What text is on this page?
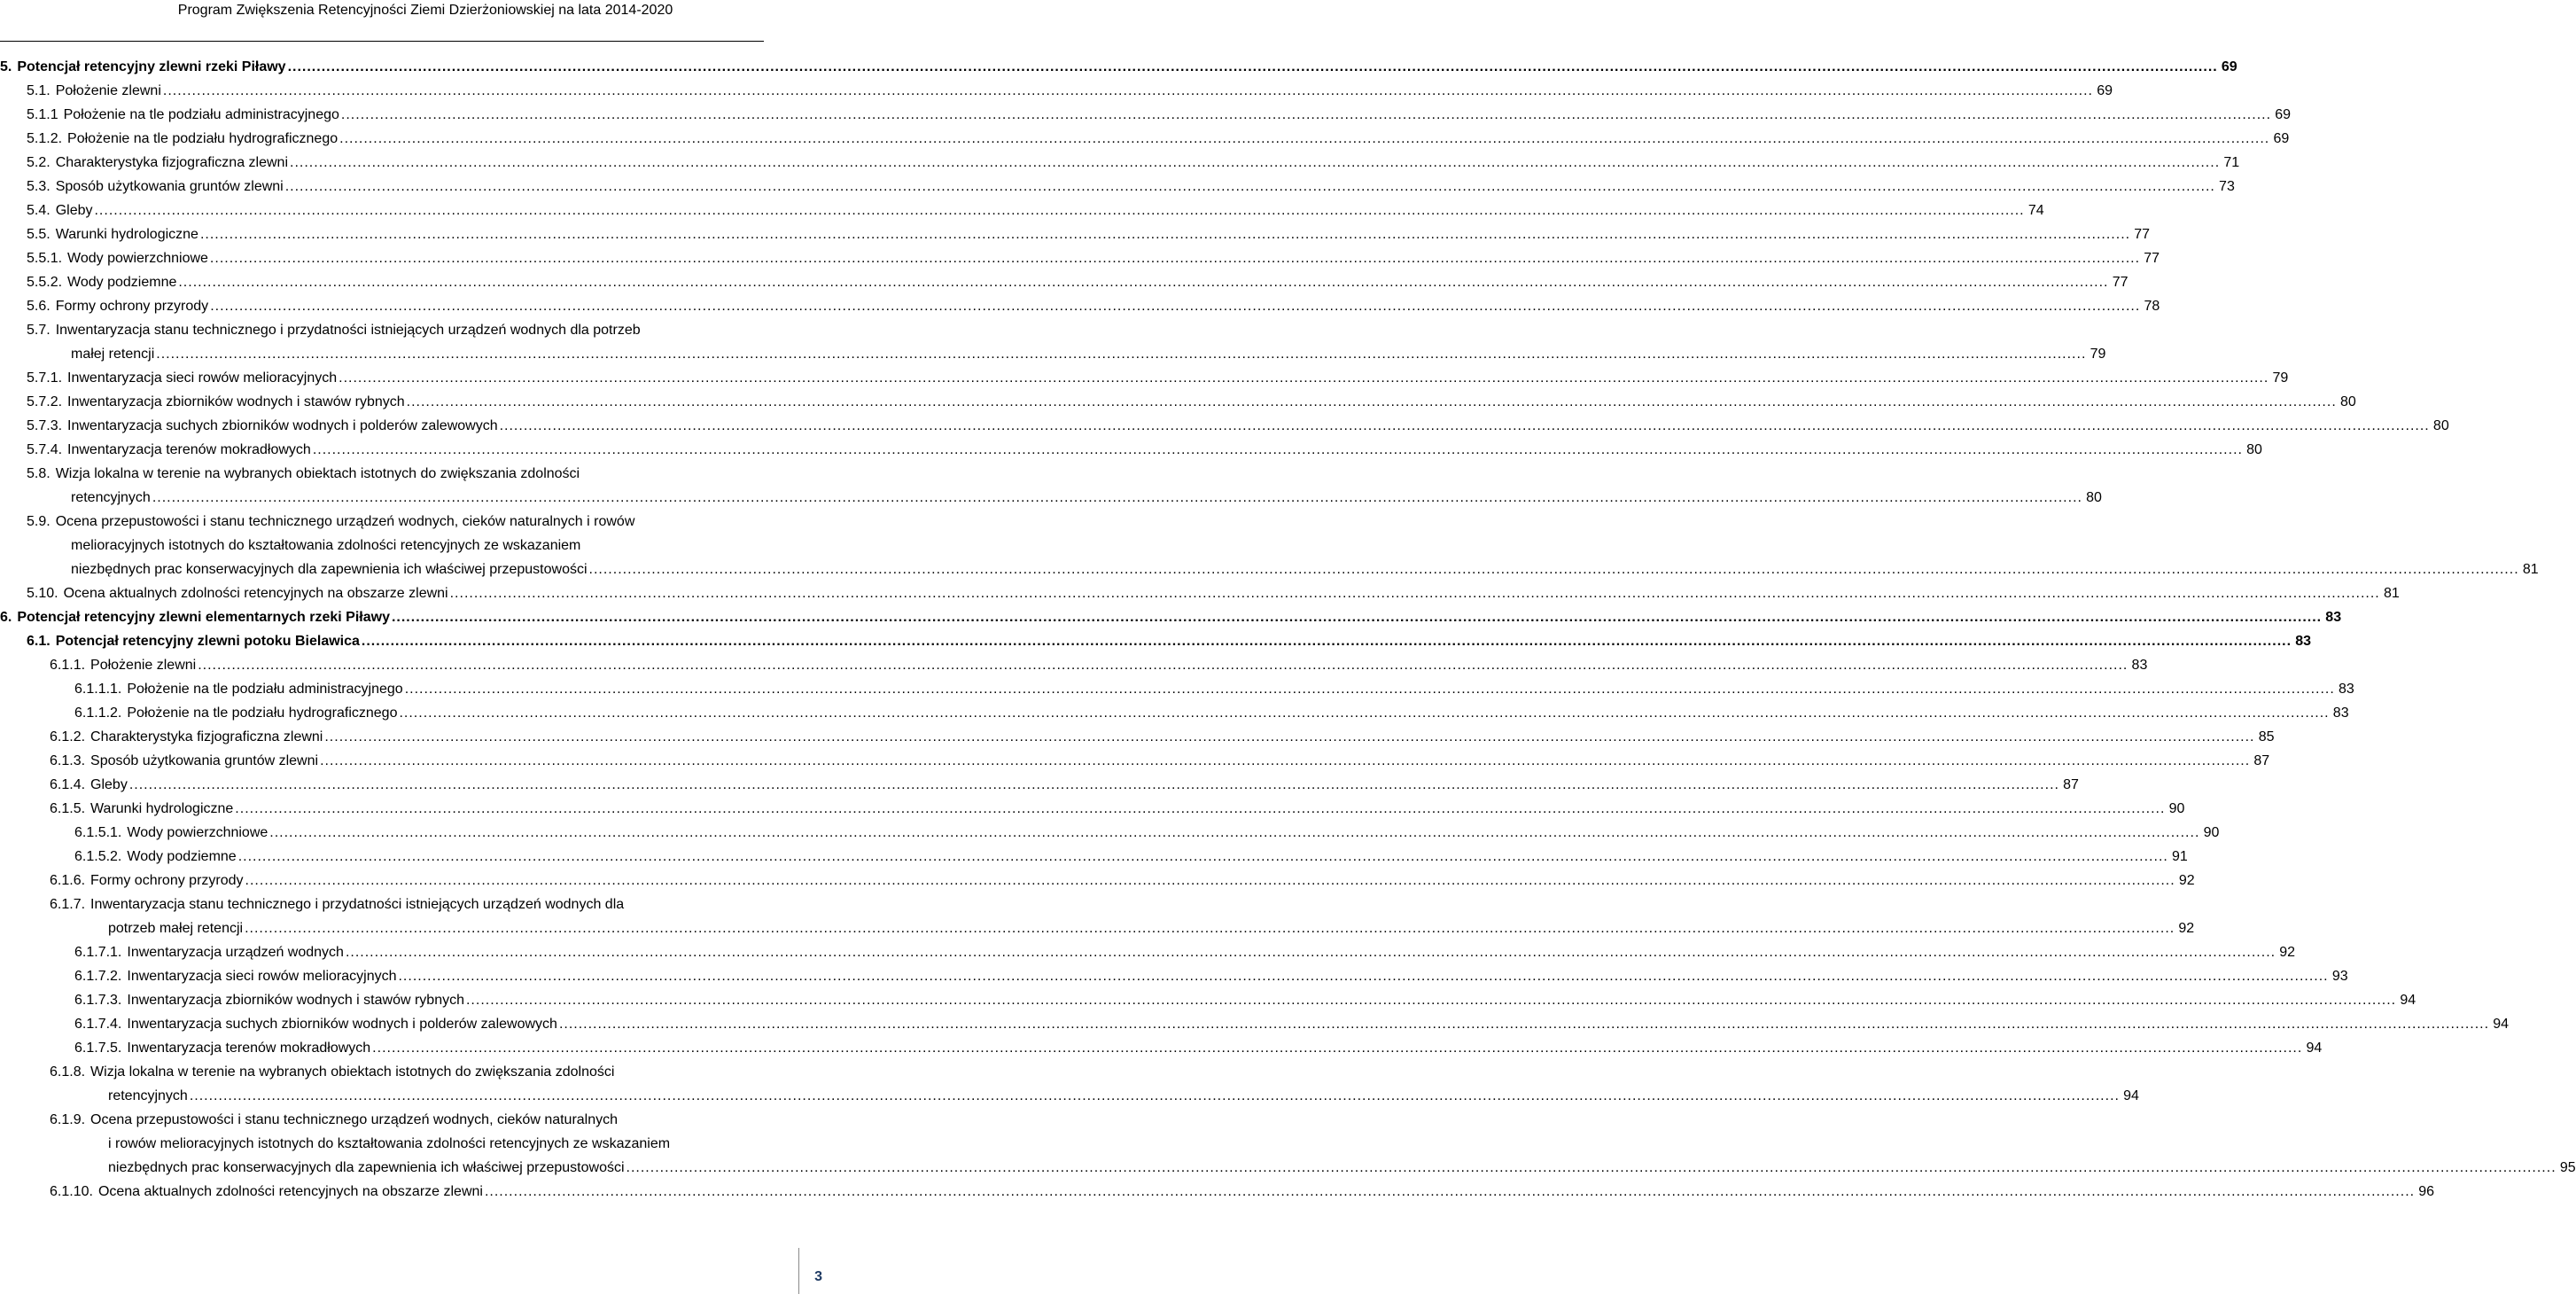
Program Zwiększenia Retencyjności Ziemi Dzierżoniowskiej na lata 2014-2020
5. Potencjał retencyjny zlewni rzeki Piławy ................................................................................................................................................................................................................................................................................................................................................................................................................ 69
5.1. Położenie zlewni ................................................................................................................................................................................................................................................................................................................................................................................................................ 69
5.1.1 Położenie na tle podziału administracyjnego ................................................................................................................................................................................................................................................................................................................................................................................................................ 69
5.1.2. Położenie na tle podziału hydrograficznego ................................................................................................................................................................................................................................................................................................................................................................................................................ 69
5.2. Charakterystyka fizjograficzna zlewni ................................................................................................................................................................................................................................................................................................................................................................................................................ 71
5.3. Sposób użytkowania gruntów zlewni ................................................................................................................................................................................................................................................................................................................................................................................................................ 73
5.4. Gleby ................................................................................................................................................................................................................................................................................................................................................................................................................ 74
5.5. Warunki hydrologiczne ................................................................................................................................................................................................................................................................................................................................................................................................................ 77
5.5.1. Wody powierzchniowe ................................................................................................................................................................................................................................................................................................................................................................................................................ 77
5.5.2. Wody podziemne ................................................................................................................................................................................................................................................................................................................................................................................................................ 77
5.6. Formy ochrony przyrody ................................................................................................................................................................................................................................................................................................................................................................................................................ 78
5.7. Inwentaryzacja stanu technicznego i przydatności istniejących urządzeń wodnych dla potrzeb
małej retencji ................................................................................................................................................................................................................................................................................................................................................................................................................ 79
5.7.1. Inwentaryzacja sieci rowów melioracyjnych ................................................................................................................................................................................................................................................................................................................................................................................................................ 79
5.7.2. Inwentaryzacja zbiorników wodnych i stawów rybnych ................................................................................................................................................................................................................................................................................................................................................................................................................ 80
5.7.3. Inwentaryzacja suchych zbiorników wodnych i polderów zalewowych ................................................................................................................................................................................................................................................................................................................................................................................................................ 80
5.7.4. Inwentaryzacja terenów mokradłowych ................................................................................................................................................................................................................................................................................................................................................................................................................ 80
5.8. Wizja lokalna w terenie na wybranych obiektach istotnych do zwiększania zdolności
retencyjnych ................................................................................................................................................................................................................................................................................................................................................................................................................ 80
5.9. Ocena przepustowości i stanu technicznego urządzeń wodnych, cieków naturalnych i rowów
melioracyjnych istotnych do kształtowania zdolności retencyjnych ze wskazaniem
niezbędnych prac konserwacyjnych dla zapewnienia ich właściwej przepustowości ................................................................................................................................................................................................................................................................................................................................................................................................................ 81
5.10. Ocena aktualnych zdolności retencyjnych na obszarze zlewni ................................................................................................................................................................................................................................................................................................................................................................................................................ 81
6. Potencjał retencyjny zlewni elementarnych rzeki Piławy ................................................................................................................................................................................................................................................................................................................................................................................................................ 83
6.1. Potencjał retencyjny zlewni potoku Bielawica ................................................................................................................................................................................................................................................................................................................................................................................................................ 83
6.1.1. Położenie zlewni ................................................................................................................................................................................................................................................................................................................................................................................................................ 83
6.1.1.1. Położenie na tle podziału administracyjnego ................................................................................................................................................................................................................................................................................................................................................................................................................ 83
6.1.1.2. Położenie na tle podziału hydrograficznego ................................................................................................................................................................................................................................................................................................................................................................................................................ 83
6.1.2. Charakterystyka fizjograficzna zlewni ................................................................................................................................................................................................................................................................................................................................................................................................................ 85
6.1.3. Sposób użytkowania gruntów zlewni ................................................................................................................................................................................................................................................................................................................................................................................................................ 87
6.1.4. Gleby ................................................................................................................................................................................................................................................................................................................................................................................................................ 87
6.1.5. Warunki hydrologiczne ................................................................................................................................................................................................................................................................................................................................................................................................................ 90
6.1.5.1. Wody powierzchniowe ................................................................................................................................................................................................................................................................................................................................................................................................................ 90
6.1.5.2. Wody podziemne ................................................................................................................................................................................................................................................................................................................................................................................................................ 91
6.1.6. Formy ochrony przyrody ................................................................................................................................................................................................................................................................................................................................................................................................................ 92
6.1.7. Inwentaryzacja stanu technicznego i przydatności istniejących urządzeń wodnych dla
potrzeb małej retencji ................................................................................................................................................................................................................................................................................................................................................................................................................ 92
6.1.7.1. Inwentaryzacja urządzeń wodnych ................................................................................................................................................................................................................................................................................................................................................................................................................ 92
6.1.7.2. Inwentaryzacja sieci rowów melioracyjnych ................................................................................................................................................................................................................................................................................................................................................................................................................ 93
6.1.7.3. Inwentaryzacja zbiorników wodnych i stawów rybnych ................................................................................................................................................................................................................................................................................................................................................................................................................ 94
6.1.7.4. Inwentaryzacja suchych zbiorników wodnych i polderów zalewowych ................................................................................................................................................................................................................................................................................................................................................................................................................ 94
6.1.7.5. Inwentaryzacja terenów mokradłowych ................................................................................................................................................................................................................................................................................................................................................................................................................ 94
6.1.8. Wizja lokalna w terenie na wybranych obiektach istotnych do zwiększania zdolności
retencyjnych ................................................................................................................................................................................................................................................................................................................................................................................................................ 94
6.1.9. Ocena przepustowości i stanu technicznego urządzeń wodnych, cieków naturalnych
i rowów melioracyjnych istotnych do kształtowania zdolności retencyjnych ze wskazaniem
niezbędnych prac konserwacyjnych dla zapewnienia ich właściwej przepustowości ................................................................................................................................................................................................................................................................................................................................................................................................................ 95
6.1.10. Ocena aktualnych zdolności retencyjnych na obszarze zlewni ................................................................................................................................................................................................................................................................................................................................................................................................................ 96
3
